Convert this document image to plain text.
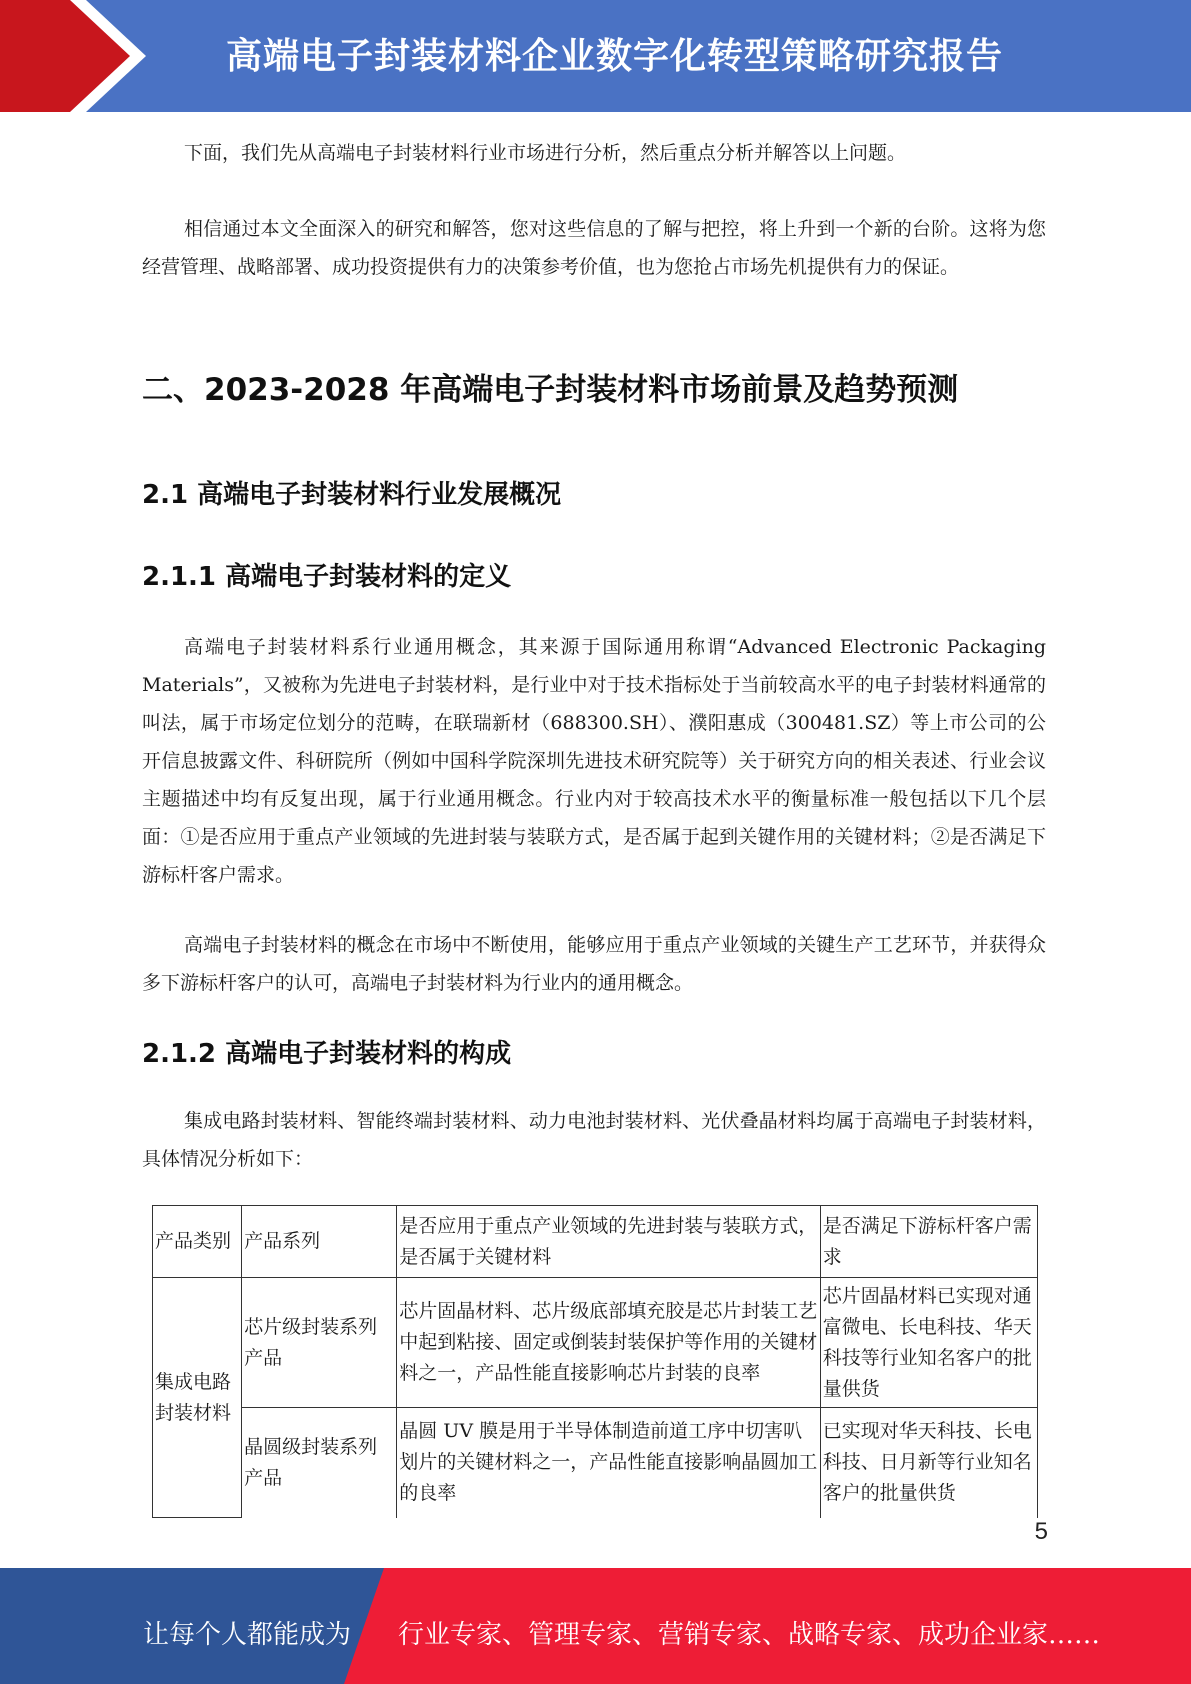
高端电子封装材料企业数字化转型策略研究报告

下面，我们先从高端电子封装材料行业市场进行分析，然后重点分析并解答以上问题。

相信通过本文全面深入的研究和解答，您对这些信息的了解与把控，将上升到一个新的台阶。这将为您经营管理、战略部署、成功投资提供有力的决策参考价值，也为您抢占市场先机提供有力的保证。

二、2023-2028 年高端电子封装材料市场前景及趋势预测
2.1 高端电子封装材料行业发展概况
2.1.1 高端电子封装材料的定义

高端电子封装材料系行业通用概念，其来源于国际通用称谓“Advanced Electronic Packaging Materials”，又被称为先进电子封装材料，是行业中对于技术指标处于当前较高水平的电子封装材料通常的叫法，属于市场定位划分的范畴，在联瑞新材（688300.SH）、濮阳惠成（300481.SZ）等上市公司的公开信息披露文件、科研院所（例如中国科学院深圳先进技术研究院等）关于研究方向的相关表述、行业会议主题描述中均有反复出现，属于行业通用概念。行业内对于较高技术水平的衡量标准一般包括以下几个层面：①是否应用于重点产业领域的先进封装与装联方式，是否属于起到关键作用的关键材料；②是否满足下游标杆客户需求。

高端电子封装材料的概念在市场中不断使用，能够应用于重点产业领域的关键生产工艺环节，并获得众多下游标杆客户的认可，高端电子封装材料为行业内的通用概念。

2.1.2 高端电子封装材料的构成

集成电路封装材料、智能终端封装材料、动力电池封装材料、光伏叠晶材料均属于高端电子封装材料，具体情况分析如下：

产品类别	产品系列	是否应用于重点产业领域的先进封装与装联方式，是否属于关键材料	是否满足下游标杆客户需求
集成电路封装材料	芯片级封装系列产品	芯片固晶材料、芯片级底部填充胶是芯片封装工艺中起到粘接、固定或倒装封装保护等作用的关键材料之一，产品性能直接影响芯片封装的良率	芯片固晶材料已实现对通富微电、长电科技、华天科技等行业知名客户的批量供货
	晶圆级封装系列产品	晶圆 UV 膜是用于半导体制造前道工序中切害叭划片的关键材料之一，产品性能直接影响晶圆加工的良率	已实现对华天科技、长电科技、日月新等行业知名客户的批量供货
5
让每个人都能成为 行业专家、管理专家、营销专家、战略专家、成功企业家……
